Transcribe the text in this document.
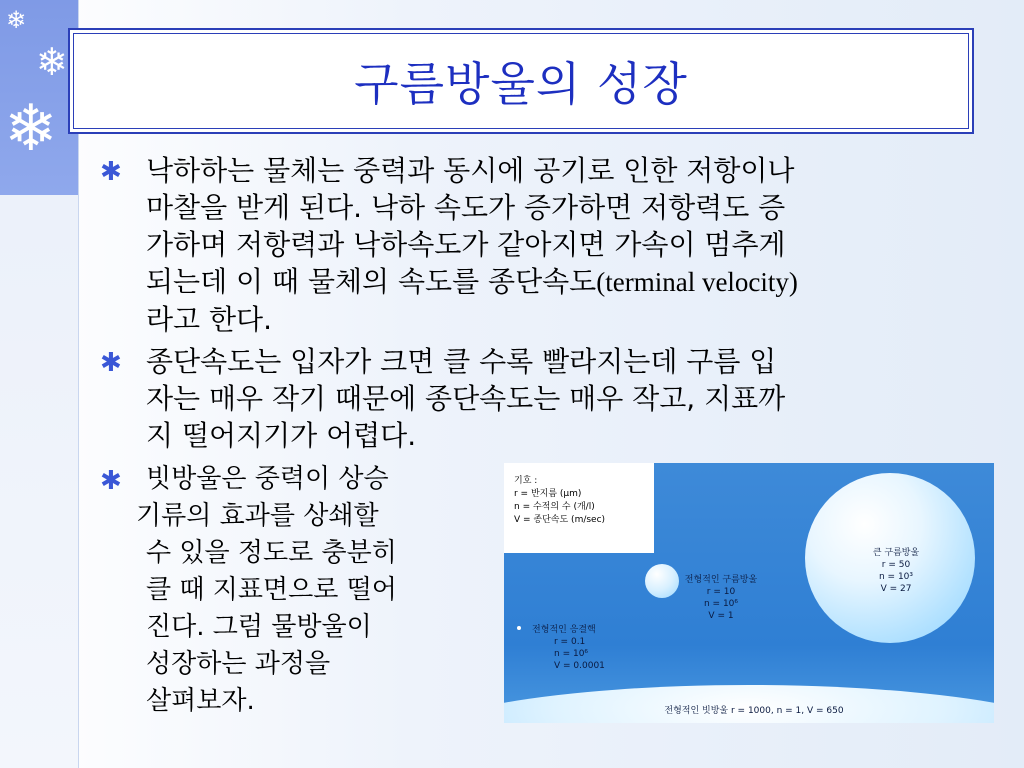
❄
❄
❄
구름방울의 성장
✱ 낙하하는 물체는 중력과 동시에 공기로 인한 저항이나
마찰을 받게 된다. 낙하 속도가 증가하면 저항력도 증
가하며 저항력과 낙하속도가 같아지면 가속이 멈추게
되는데 이 때 물체의 속도를 종단속도(terminal velocity)
라고 한다.
✱ 종단속도는 입자가 크면 클 수록 빨라지는데 구름 입
자는 매우 작기 때문에 종단속도는 매우 작고, 지표까
지 떨어지기가 어렵다.
✱ 빗방울은 중력이 상승
기류의 효과를 상쇄할
수 있을 정도로 충분히
클 때 지표면으로 떨어
진다. 그럼 물방울이
성장하는 과정을
살펴보자.
기호 :
r = 반지름 (μm)
n = 수적의 수 (개/l)
V = 종단속도 (m/sec)
큰 구름방울
r = 50
n = 10³
V = 27
전형적인 구름방울
r = 10
n = 10⁶
V = 1
전형적인 응결핵
r = 0.1
n = 10⁶
V = 0.0001
전형적인 빗방울 r = 1000, n = 1, V = 650
